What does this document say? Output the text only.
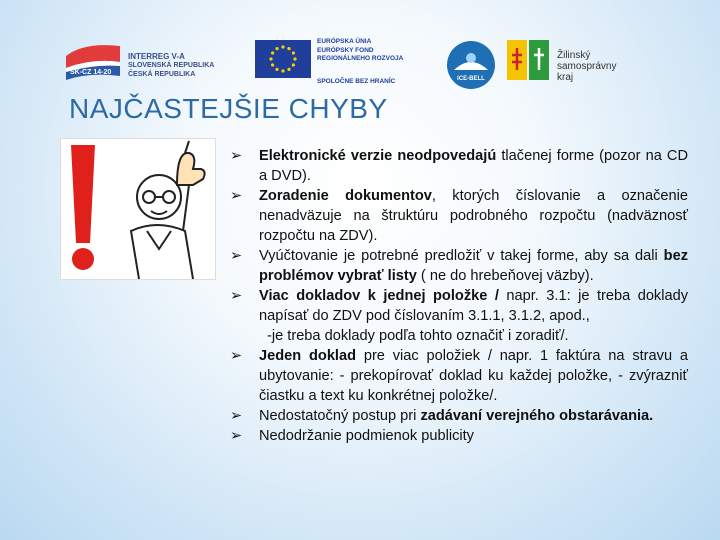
SK-CZ 14-20
INTERREG V-A
SLOVENSKÁ REPUBLIKA
ČESKÁ REPUBLIKA
EURÓPSKA ÚNIA
EURÓPSKY FOND
REGIONÁLNEHO ROZVOJA
SPOLOČNE BEZ HRANÍC	ICE-BELL
Žilinský
samosprávny
kraj
NAJČASTEJŠIE CHYBY
➢ Elektronické verzie neodpovedajú tlačenej forme (pozor na CD a DVD).
➢ Zoradenie dokumentov, ktorých číslovanie a označenie nenadväzuje na štruktúru podrobného rozpočtu (nadväznosť rozpočtu na ZDV).
➢ Vyúčtovanie je potrebné predložiť v takej forme, aby sa dali bez problémov vybrať listy ( ne do hrebeňovej väzby).
➢ Viac dokladov k jednej položke / napr. 3.1: je treba doklady napísať do ZDV pod číslovaním 3.1.1, 3.1.2, apod.,
-je treba doklady podľa tohto označiť i zoradiť/.
➢ Jeden doklad pre viac položiek / napr. 1 faktúra na stravu a ubytovanie: - prekopírovať doklad ku každej položke, - zvýrazniť čiastku a text ku konkrétnej položke/.
➢ Nedostatočný postup pri zadávaní verejného obstarávania.
➢ Nedodržanie podmienok publicity
